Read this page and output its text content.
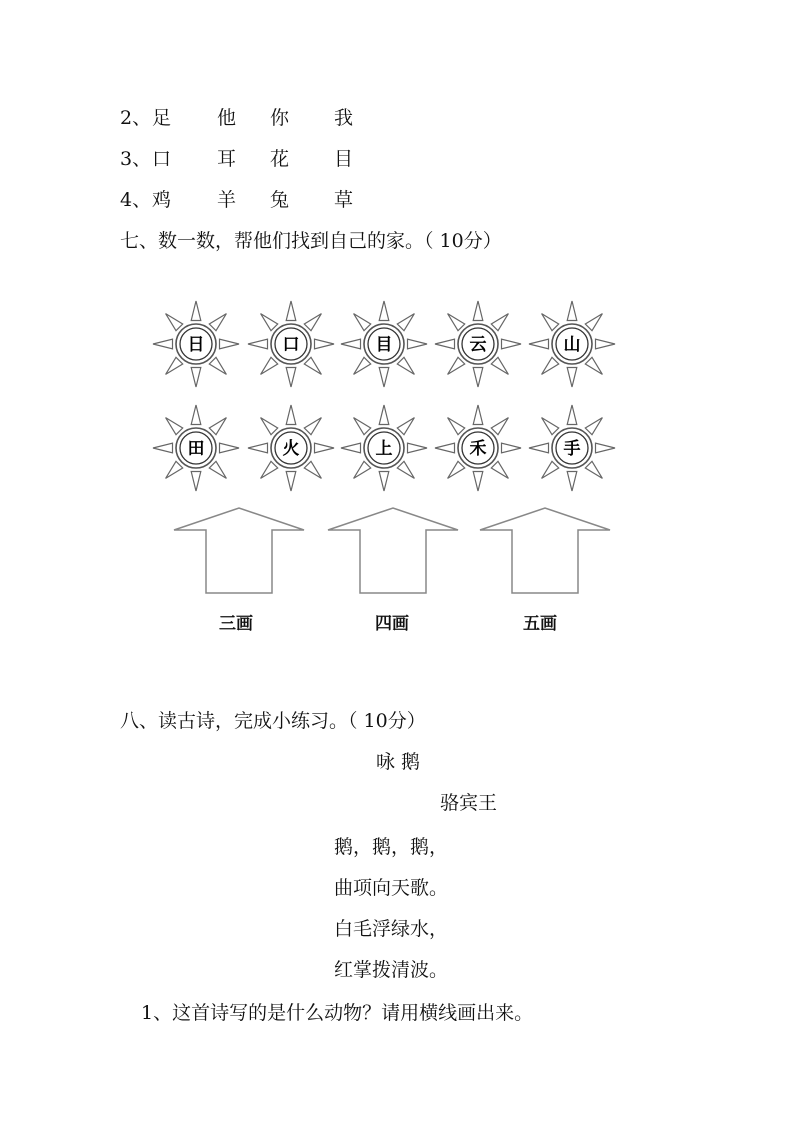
2、 足 他 你 我
3、 口 耳 花 目
4、 鸡 羊 兔 草
七、数一数，帮他们找到自己的家。（ 10分）
日	口	目	云	山
田	火	上	禾	手
三画	四画	五画
八、读古诗，完成小练习。（ 10分）
咏 鹅
骆宾王
鹅，鹅，鹅，
曲项向天歌。
白毛浮绿水，
红掌拨清波。
1、这首诗写的是什么动物？请用横线画出来。
